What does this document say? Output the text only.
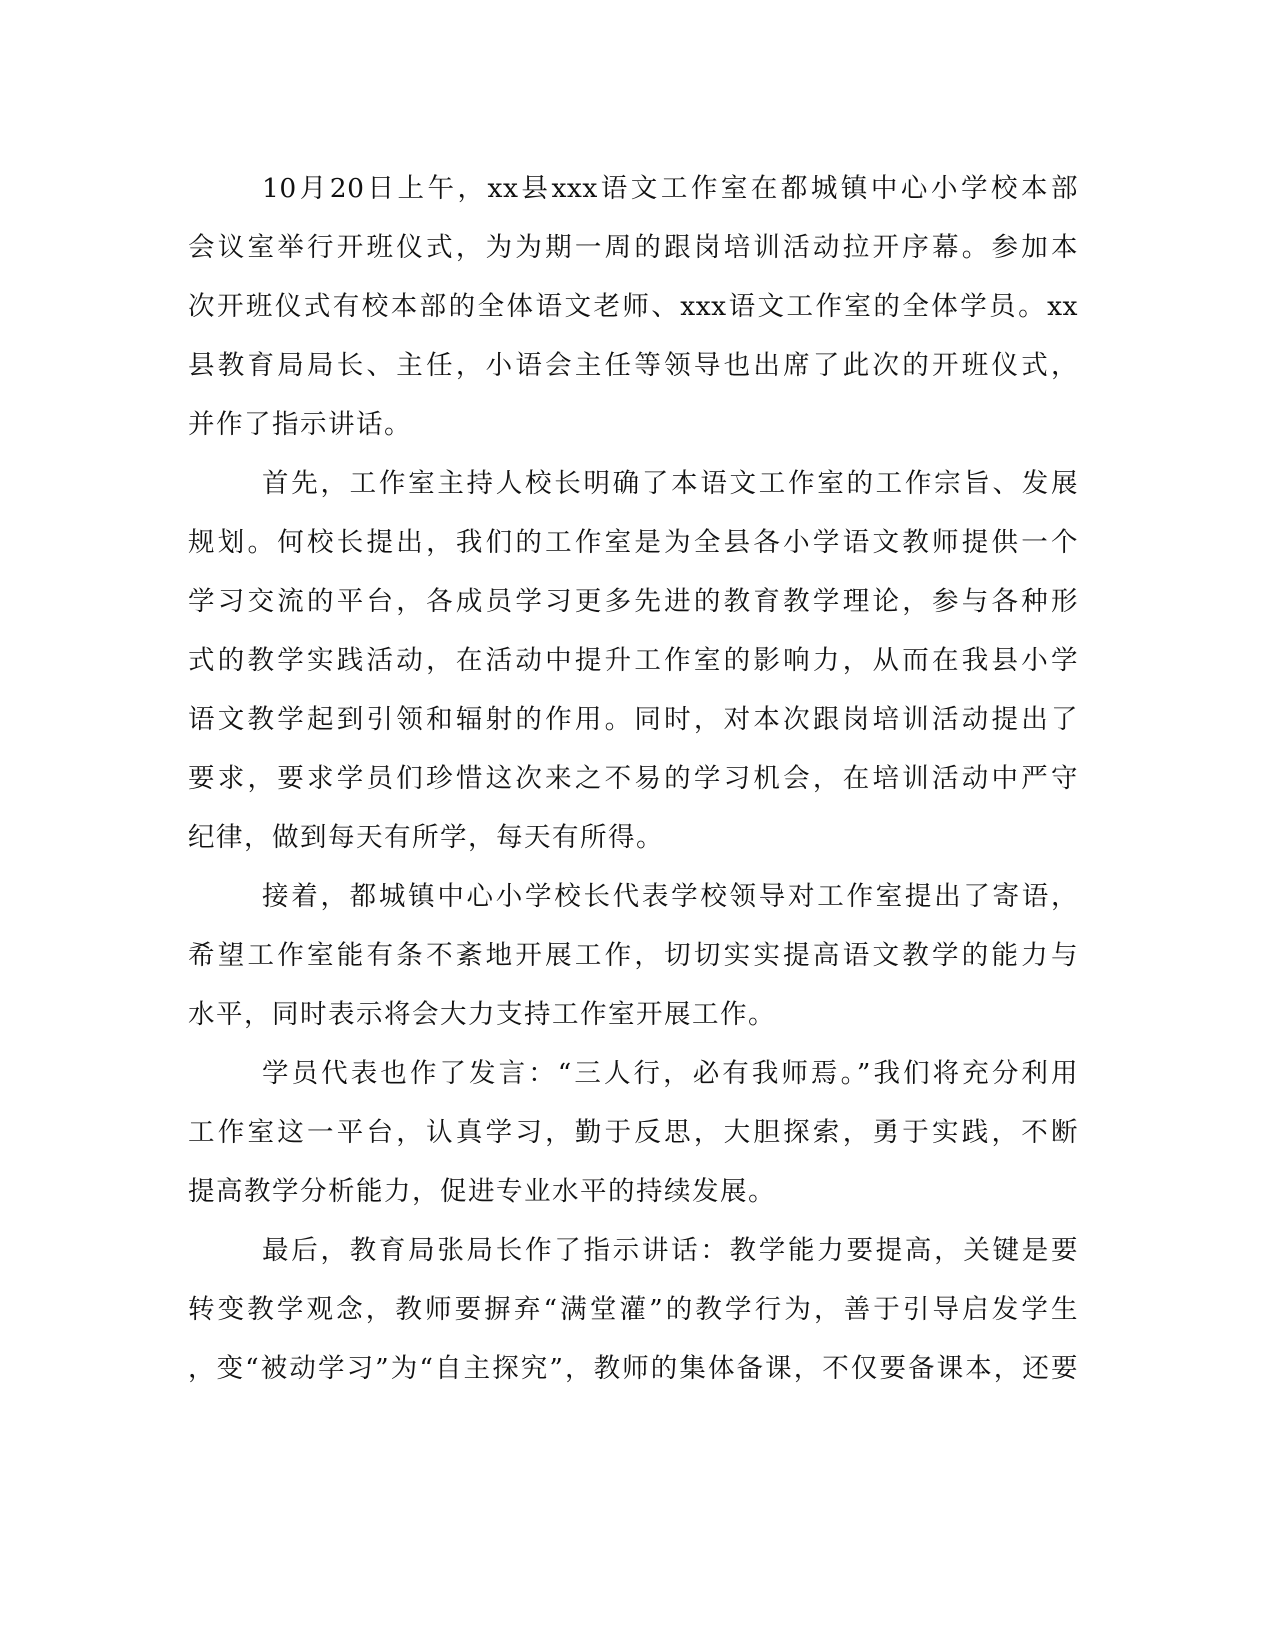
10月20日上午，xx县xxx语文工作室在都城镇中心小学校本部

会议室举行开班仪式，为为期一周的跟岗培训活动拉开序幕。参加本

次开班仪式有校本部的全体语文老师、xxx语文工作室的全体学员。xx

县教育局局长、主任，小语会主任等领导也出席了此次的开班仪式，

并作了指示讲话。

首先，工作室主持人校长明确了本语文工作室的工作宗旨、发展

规划。何校长提出，我们的工作室是为全县各小学语文教师提供一个

学习交流的平台，各成员学习更多先进的教育教学理论，参与各种形

式的教学实践活动，在活动中提升工作室的影响力，从而在我县小学

语文教学起到引领和辐射的作用。同时，对本次跟岗培训活动提出了

要求，要求学员们珍惜这次来之不易的学习机会，在培训活动中严守

纪律，做到每天有所学，每天有所得。

接着，都城镇中心小学校长代表学校领导对工作室提出了寄语，

希望工作室能有条不紊地开展工作，切切实实提高语文教学的能力与

水平，同时表示将会大力支持工作室开展工作。

学员代表也作了发言：“三人行，必有我师焉。”我们将充分利用

工作室这一平台，认真学习，勤于反思，大胆探索，勇于实践，不断

提高教学分析能力，促进专业水平的持续发展。

最后，教育局张局长作了指示讲话：教学能力要提高，关键是要

转变教学观念，教师要摒弃“满堂灌”的教学行为，善于引导启发学生

，变“被动学习”为“自主探究”，教师的集体备课，不仅要备课本，还要
